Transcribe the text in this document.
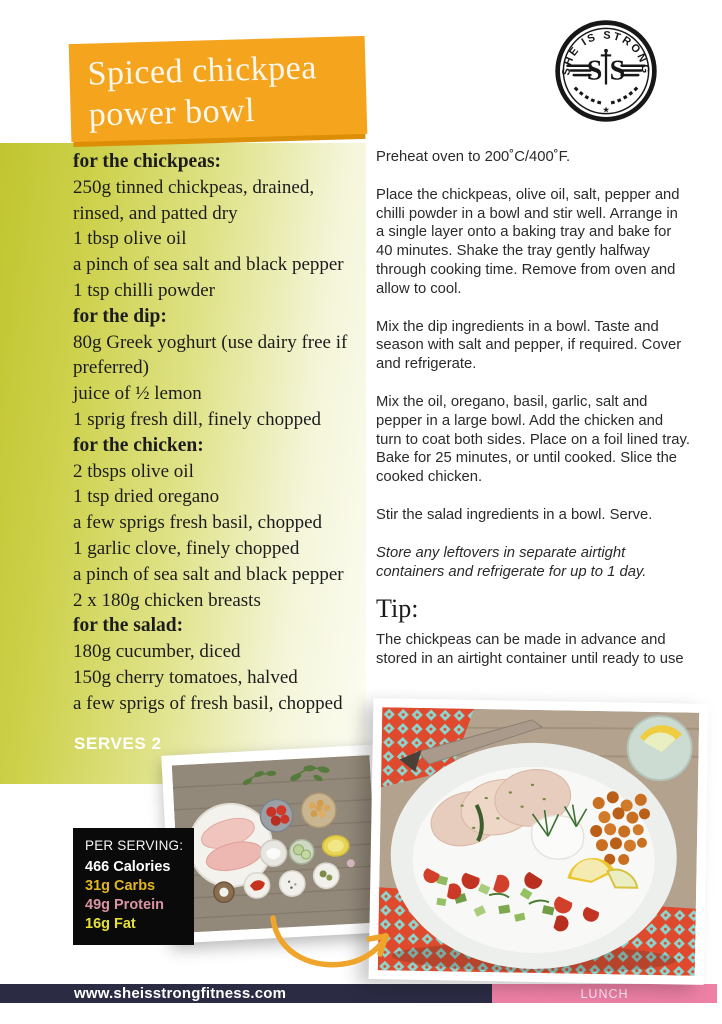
Spiced chickpea
power bowl
SHE IS STRONG
S S
★
for the chickpeas:
250g tinned chickpeas, drained, rinsed, and patted dry
1 tbsp olive oil
a pinch of sea salt and black pepper
1 tsp chilli powder
for the dip:
80g Greek yoghurt (use dairy free if preferred)
juice of ½ lemon
1 sprig fresh dill, finely chopped
for the chicken:
2 tbsps olive oil
1 tsp dried oregano
a few sprigs fresh basil, chopped
1 garlic clove, finely chopped
a pinch of sea salt and black pepper
2 x 180g chicken breasts
for the salad:
180g cucumber, diced
150g cherry tomatoes, halved
a few sprigs of fresh basil, chopped
SERVES 2

Preheat oven to 200˚C/400˚F.

Place the chickpeas, olive oil, salt, pepper and chilli powder in a bowl and stir well. Arrange in a single layer onto a baking tray and bake for 40 minutes. Shake the tray gently halfway through cooking time. Remove from oven and allow to cool.

Mix the dip ingredients in a bowl. Taste and season with salt and pepper, if required. Cover and refrigerate.

Mix the oil, oregano, basil, garlic, salt and pepper in a large bowl. Add the chicken and turn to coat both sides. Place on a foil lined tray. Bake for 25 minutes, or until cooked. Slice the cooked chicken.

Stir the salad ingredients in a bowl. Serve.

Store any leftovers in separate airtight containers and refrigerate for up to 1 day.

Tip:

The chickpeas can be made in advance and stored in an airtight container until ready to use

PER SERVING:
466 Calories
31g Carbs
49g Protein
16g Fat
www.sheisstrongfitness.com	LUNCH
